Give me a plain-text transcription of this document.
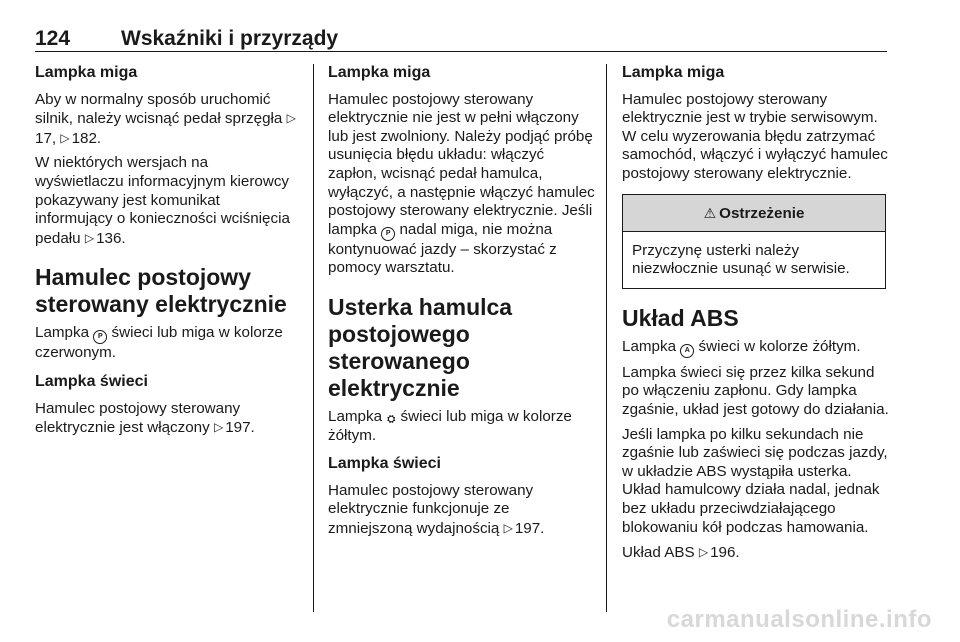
124 Wskaźniki i przyrządy
Lampka miga

Aby w normalny sposób uruchomić silnik, należy wcisnąć pedał sprzęgła ▷17, ▷ 182.

W niektórych wersjach na wyświetlaczu informacyjnym kierowcy pokazywany jest komunikat informujący o konieczności wciśnięcia pedału ▷ 136.

Hamulec postojowy sterowany elektrycznie

Lampka P świeci lub miga w kolorze czerwonym.

Lampka świeci

Hamulec postojowy sterowany elektrycznie jest włączony ▷ 197.

Lampka miga

Hamulec postojowy sterowany elektrycznie nie jest w pełni włączony lub jest zwolniony. Należy podjąć próbę usunięcia błędu układu: włączyć zapłon, wcisnąć pedał hamulca, wyłączyć, a następnie włączyć hamulec postojowy sterowany elektrycznie. Jeśli lampka P nadal miga, nie można kontynuować jazdy – skorzystać z pomocy warsztatu.

Usterka hamulca postojowego sterowanego elektrycznie

Lampka ⛭ świeci lub miga w kolorze żółtym.

Lampka świeci

Hamulec postojowy sterowany elektrycznie funkcjonuje ze zmniejszoną wydajnością ▷ 197.

Lampka miga

Hamulec postojowy sterowany elektrycznie jest w trybie serwisowym. W celu wyzerowania błędu zatrzymać samochód, włączyć i wyłączyć hamulec postojowy sterowany elektrycznie.

⚠ Ostrzeżenie
Przyczynę usterki należy niezwłocznie usunąć w serwisie.
Układ ABS

Lampka A świeci w kolorze żółtym.

Lampka świeci się przez kilka sekund po włączeniu zapłonu. Gdy lampka zgaśnie, układ jest gotowy do działania.

Jeśli lampka po kilku sekundach nie zgaśnie lub zaświeci się podczas jazdy, w układzie ABS wystąpiła usterka. Układ hamulcowy działa nadal, jednak bez układu przeciwdziałającego blokowaniu kół podczas hamowania.

Układ ABS ▷ 196.

carmanualsonline.info
